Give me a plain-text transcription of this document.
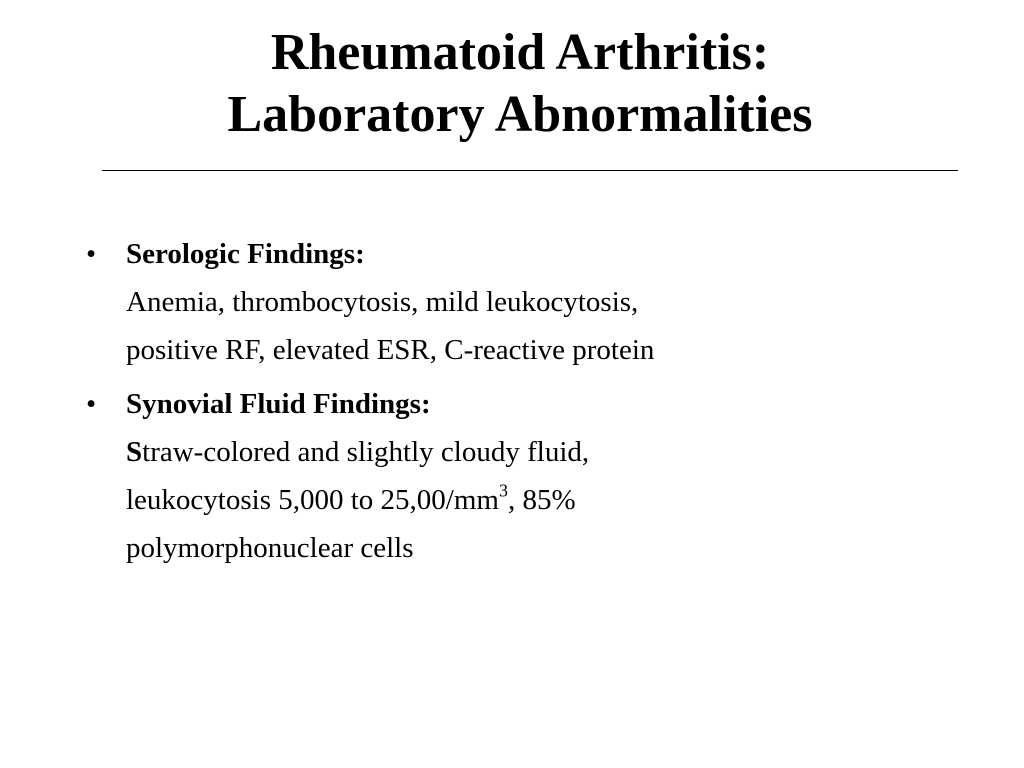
Rheumatoid Arthritis:
Laboratory Abnormalities
• Serologic Findings:
Anemia, thrombocytosis, mild leukocytosis,
positive RF, elevated ESR, C-reactive protein
• Synovial Fluid Findings:
Straw-colored and slightly cloudy fluid,
leukocytosis 5,000 to $25,00/mm^3$, 85%
polymorphonuclear cells
